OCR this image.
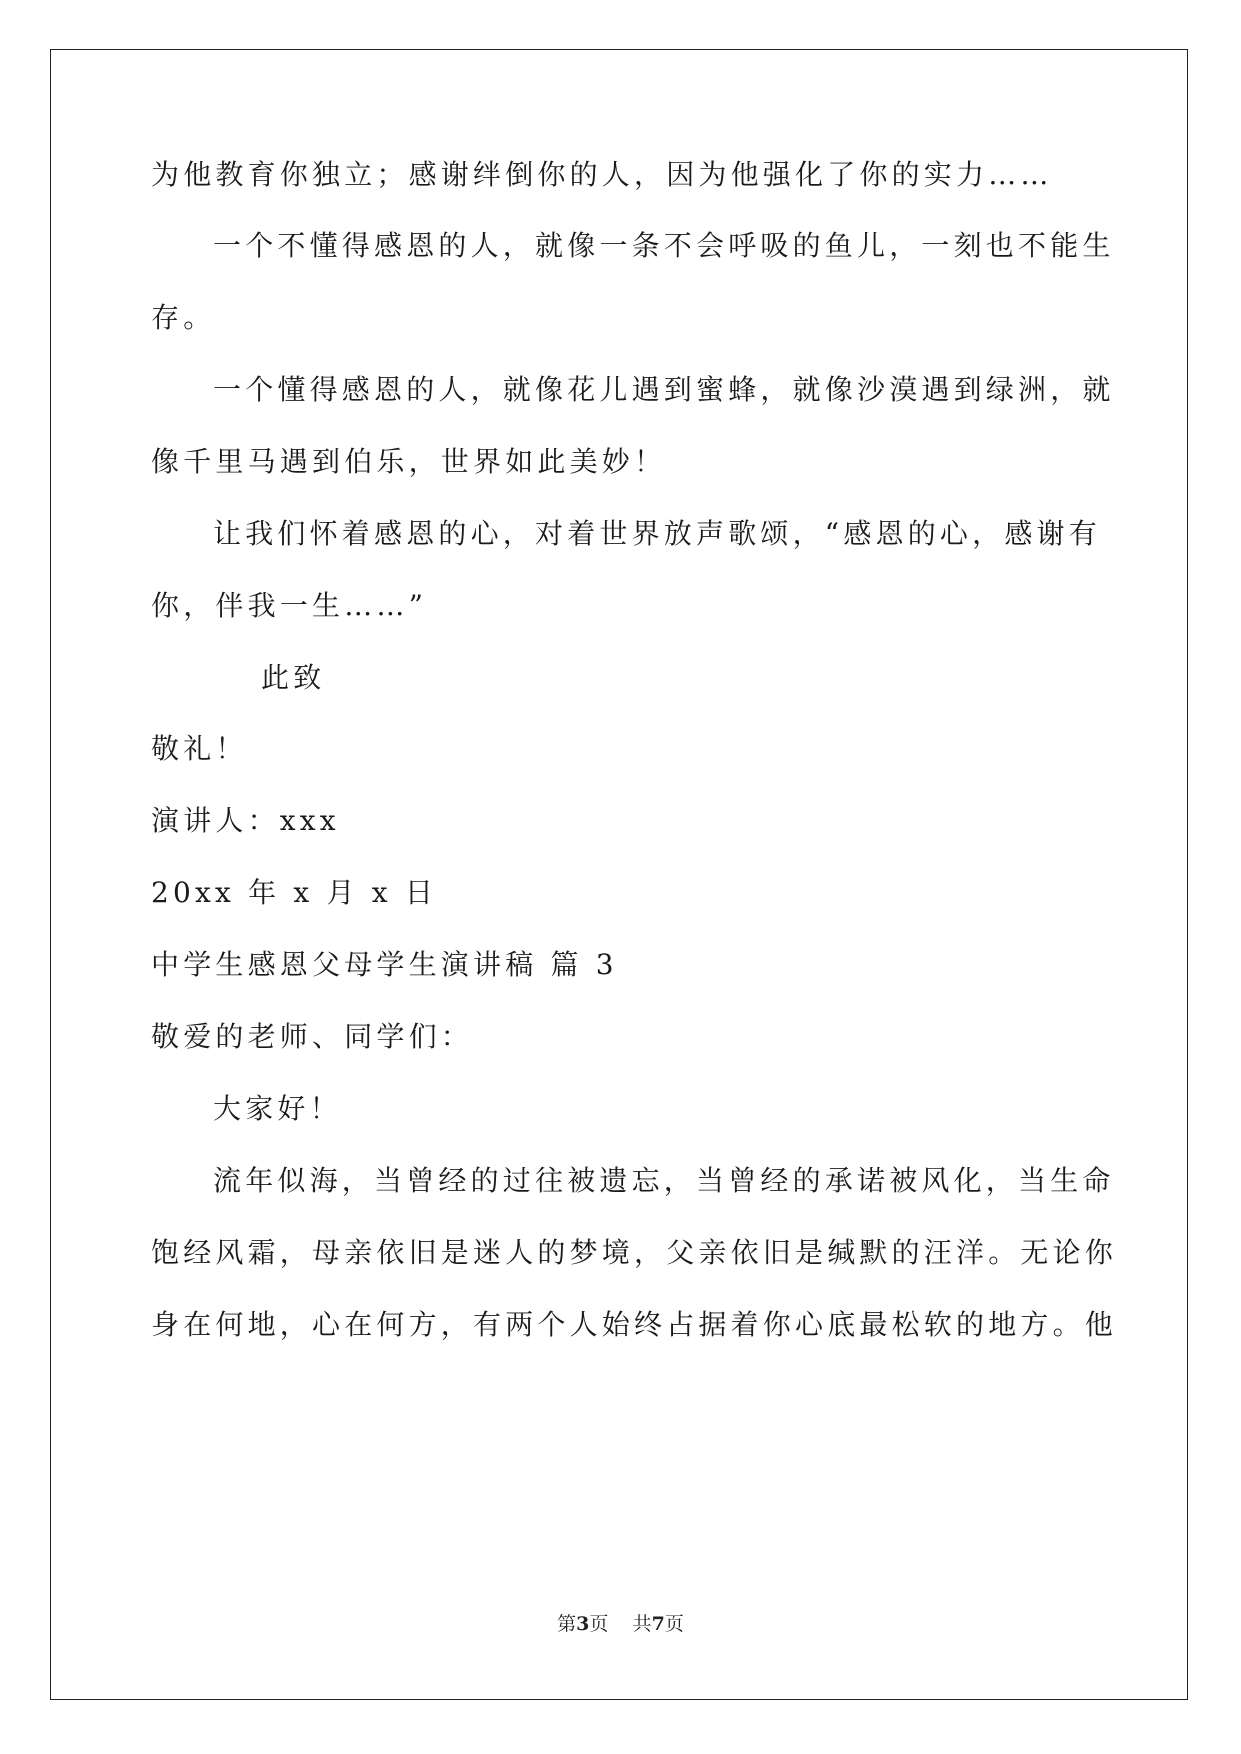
为他教育你独立；感谢绊倒你的人，因为他强化了你的实力……

一个不懂得感恩的人，就像一条不会呼吸的鱼儿，一刻也不能生

存。

一个懂得感恩的人，就像花儿遇到蜜蜂，就像沙漠遇到绿洲，就

像千里马遇到伯乐，世界如此美妙！

让我们怀着感恩的心，对着世界放声歌颂，“感恩的心，感谢有

你，伴我一生……”

此致

敬礼！

演讲人：xxx

20xx 年 x 月 x 日

中学生感恩父母学生演讲稿 篇 3

敬爱的老师、同学们：

大家好！

流年似海，当曾经的过往被遗忘，当曾经的承诺被风化，当生命

饱经风霜，母亲依旧是迷人的梦境，父亲依旧是缄默的汪洋。无论你

身在何地，心在何方，有两个人始终占据着你心底最松软的地方。他

第3页 共7页
